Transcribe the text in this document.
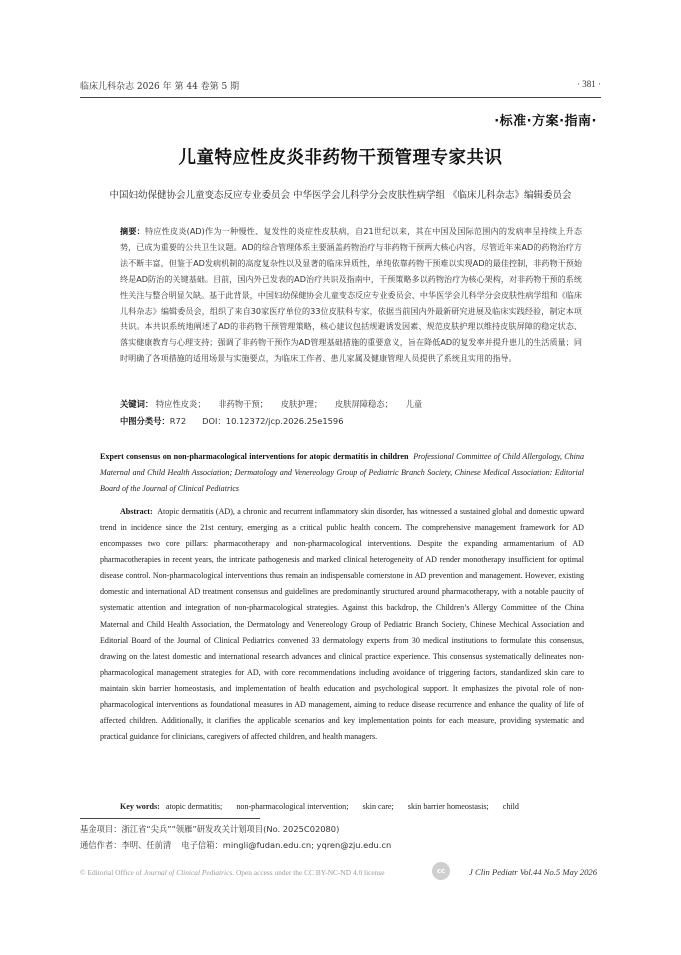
临床儿科杂志 2026 年 第 44 卷第 5 期	· 381 ·
·标准·方案·指南·
儿童特应性皮炎非药物干预管理专家共识
中国妇幼保健协会儿童变态反应专业委员会 中华医学会儿科学分会皮肤性病学组 《临床儿科杂志》编辑委员会
摘要：特应性皮炎(AD)作为一种慢性、复发性的炎症性皮肤病，自21世纪以来，其在中国及国际范围内的发病率呈持续上升态势，已成为重要的公共卫生议题。AD的综合管理体系主要涵盖药物治疗与非药物干预两大核心内容，尽管近年来AD的药物治疗方法不断丰富，但鉴于AD发病机制的高度复杂性以及显著的临床异质性，单纯依靠药物干预难以实现AD的最佳控制，非药物干预始终是AD防治的关键基础。目前，国内外已发表的AD治疗共识及指南中，干预策略多以药物治疗为核心架构，对非药物干预的系统性关注与整合明显欠缺。基于此背景，中国妇幼保健协会儿童变态反应专业委员会、中华医学会儿科学分会皮肤性病学组和《临床儿科杂志》编辑委员会，组织了来自30家医疗单位的33位皮肤科专家，依据当前国内外最新研究进展及临床实践经验，制定本项共识。本共识系统地阐述了AD的非药物干预管理策略，核心建议包括规避诱发因素、规范皮肤护理以维持皮肤屏障的稳定状态、落实健康教育与心理支持；强调了非药物干预作为AD管理基础措施的重要意义，旨在降低AD的复发率并提升患儿的生活质量；同时明确了各项措施的适用场景与实施要点，为临床工作者、患儿家属及健康管理人员提供了系统且实用的指导。
关键词： 特应性皮炎； 非药物干预； 皮肤护理； 皮肤屏障稳态； 儿童
中图分类号：R72 DOI：10.12372/jcp.2026.25e1596
Expert consensus on non-pharmacological interventions for atopic dermatitis in children Professional Committee of Child Allergology, China Maternal and Child Health Association; Dermatology and Venereology Group of Pediatric Branch Society, Chinese Medical Association: Editorial Board of the Journal of Clinical Pediatrics
Abstract: Atopic dermatitis (AD), a chronic and recurrent inflammatory skin disorder, has witnessed a sustained global and domestic upward trend in incidence since the 21st century, emerging as a critical public health concern. The comprehensive management framework for AD encompasses two core pillars: pharmacotherapy and non-pharmacological interventions. Despite the expanding armamentarium of AD pharmacotherapies in recent years, the intricate pathogenesis and marked clinical heterogeneity of AD render monotherapy insufficient for optimal disease control. Non-pharmacological interventions thus remain an indispensable cornerstone in AD prevention and management. However, existing domestic and international AD treatment consensus and guidelines are predominantly structured around pharmacotherapy, with a notable paucity of systematic attention and integration of non-pharmacological strategies. Against this backdrop, the Children’s Allergy Committee of the China Maternal and Child Health Association, the Dermatology and Venereology Group of Pediatric Branch Society, Chinese Mechical Association and Editorial Board of the Journal of Clinical Pediatrics convened 33 dermatology experts from 30 medical institutions to formulate this consensus, drawing on the latest domestic and international research advances and clinical practice experience. This consensus systematically delineates non-pharmacological management strategies for AD, with core recommendations including avoidance of triggering factors, standardized skin care to maintain skin barrier homeostasis, and implementation of health education and psychological support. It emphasizes the pivotal role of non-pharmacological interventions as foundational measures in AD management, aiming to reduce disease recurrence and enhance the quality of life of affected children. Additionally, it clarifies the applicable scenarios and key implementation points for each measure, providing systematic and practical guidance for clinicians, caregivers of affected children, and health managers.
Key words: atopic dermatitis; non-pharmacological intervention; skin care; skin barrier homeostasis; child
基金项目：浙江省“尖兵”“领雁”研发攻关计划项目(No. 2025C02080)
通信作者：李明、任前清 电子信箱：mingli@fudan.edu.cn; yqren@zju.edu.cn
© Editorial Office of Journal of Clinical Pediatrics. Open access under the CC BY-NC-ND 4.0 license	cc	J Clin Pediatr Vol.44 No.5 May 2026
